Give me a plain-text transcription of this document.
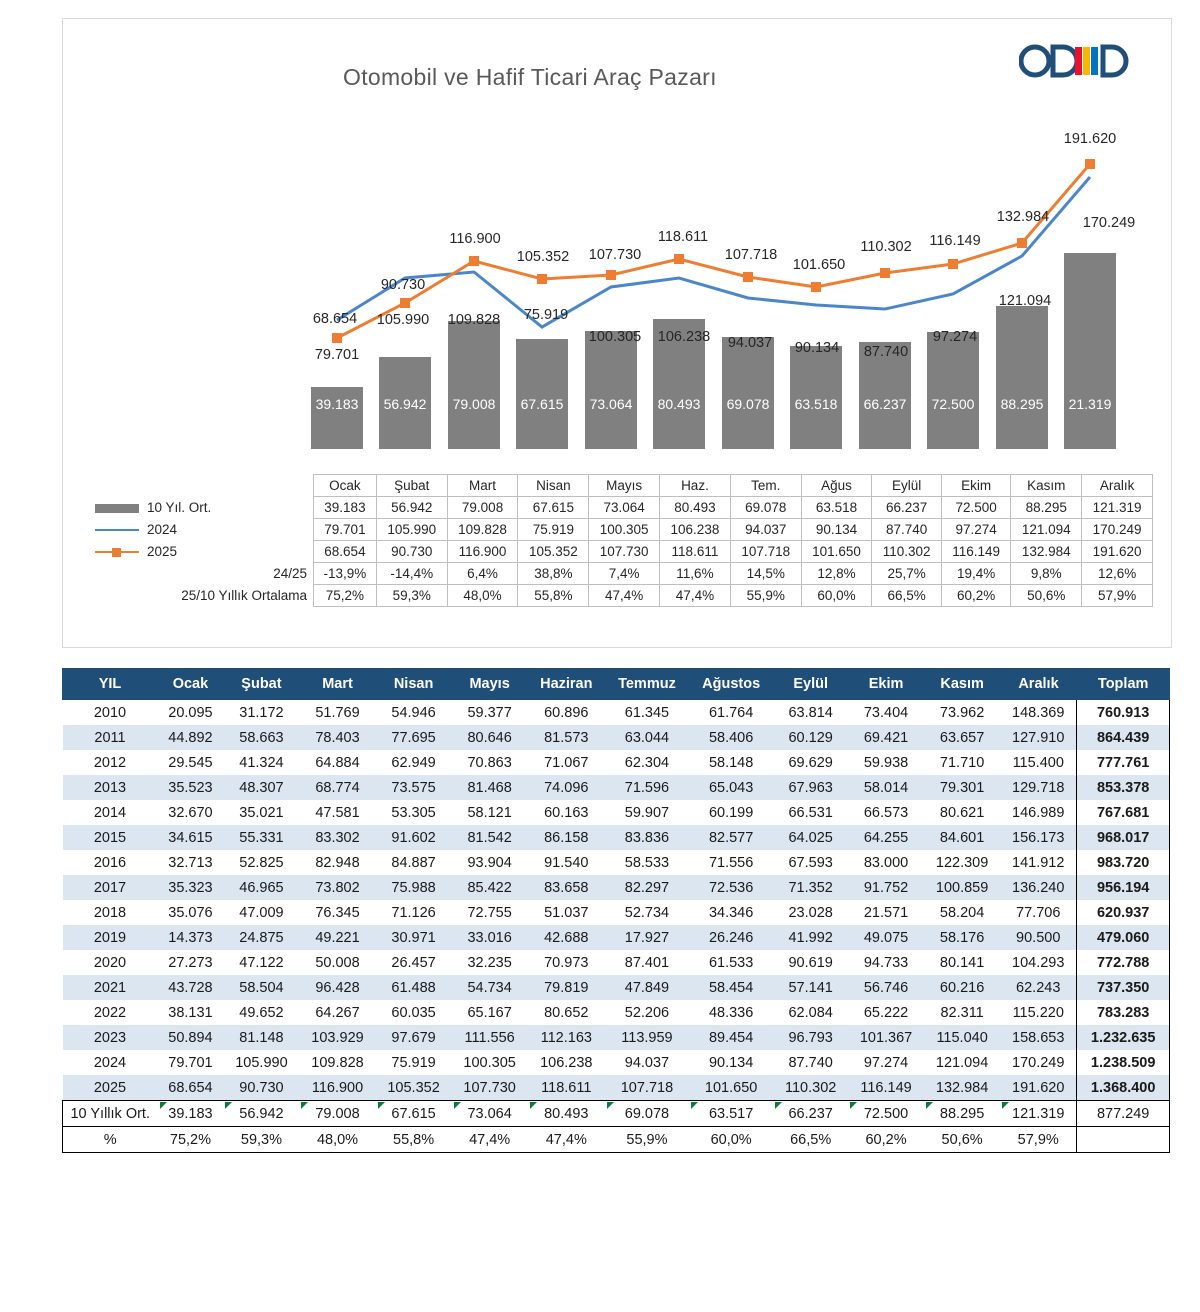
Otomobil ve Hafif Ticari Araç Pazarı
39.183 56.942 79.008 67.615 73.064 80.493 69.078 63.518 66.237 72.500 88.295 21.319
79.701
105.990 109.828 75.919
100.305 106.238 94.037 90.134 87.740
97.274
121.094
170.249
68.654
90.730
116.900
105.352 107.730
118.611
107.718
101.650
110.302 116.149
132.984
191.620
	Ocak	Şubat	Mart	Nisan	Mayıs	Haz.	Tem.	Ağus	Eylül	Ekim	Kasım	Aralık
10 Yıl. Ort.	39.183	56.942	79.008	67.615	73.064	80.493	69.078	63.518	66.237	72.500	88.295	121.319
2024	79.701	105.990	109.828	75.919	100.305	106.238	94.037	90.134	87.740	97.274	121.094	170.249
2025	68.654	90.730	116.900	105.352	107.730	118.611	107.718	101.650	110.302	116.149	132.984	191.620
24/25	-13,9%	-14,4%	6,4%	38,8%	7,4%	11,6%	14,5%	12,8%	25,7%	19,4%	9,8%	12,6%
25/10 Yıllık Ortalama	75,2%	59,3%	48,0%	55,8%	47,4%	47,4%	55,9%	60,0%	66,5%	60,2%	50,6%	57,9%
YIL	Ocak	Şubat	Mart	Nisan	Mayıs	Haziran	Temmuz	Ağustos	Eylül	Ekim	Kasım	Aralık	Toplam
2010	20.095	31.172	51.769	54.946	59.377	60.896	61.345	61.764	63.814	73.404	73.962	148.369	760.913
2011	44.892	58.663	78.403	77.695	80.646	81.573	63.044	58.406	60.129	69.421	63.657	127.910	864.439
2012	29.545	41.324	64.884	62.949	70.863	71.067	62.304	58.148	69.629	59.938	71.710	115.400	777.761
2013	35.523	48.307	68.774	73.575	81.468	74.096	71.596	65.043	67.963	58.014	79.301	129.718	853.378
2014	32.670	35.021	47.581	53.305	58.121	60.163	59.907	60.199	66.531	66.573	80.621	146.989	767.681
2015	34.615	55.331	83.302	91.602	81.542	86.158	83.836	82.577	64.025	64.255	84.601	156.173	968.017
2016	32.713	52.825	82.948	84.887	93.904	91.540	58.533	71.556	67.593	83.000	122.309	141.912	983.720
2017	35.323	46.965	73.802	75.988	85.422	83.658	82.297	72.536	71.352	91.752	100.859	136.240	956.194
2018	35.076	47.009	76.345	71.126	72.755	51.037	52.734	34.346	23.028	21.571	58.204	77.706	620.937
2019	14.373	24.875	49.221	30.971	33.016	42.688	17.927	26.246	41.992	49.075	58.176	90.500	479.060
2020	27.273	47.122	50.008	26.457	32.235	70.973	87.401	61.533	90.619	94.733	80.141	104.293	772.788
2021	43.728	58.504	96.428	61.488	54.734	79.819	47.849	58.454	57.141	56.746	60.216	62.243	737.350
2022	38.131	49.652	64.267	60.035	65.167	80.652	52.206	48.336	62.084	65.222	82.311	115.220	783.283
2023	50.894	81.148	103.929	97.679	111.556	112.163	113.959	89.454	96.793	101.367	115.040	158.653	1.232.635
2024	79.701	105.990	109.828	75.919	100.305	106.238	94.037	90.134	87.740	97.274	121.094	170.249	1.238.509
2025	68.654	90.730	116.900	105.352	107.730	118.611	107.718	101.650	110.302	116.149	132.984	191.620	1.368.400
10 Yıllık Ort.	39.183	56.942	79.008	67.615	73.064	80.493	69.078	63.517	66.237	72.500	88.295	121.319	877.249
%	75,2%	59,3%	48,0%	55,8%	47,4%	47,4%	55,9%	60,0%	66,5%	60,2%	50,6%	57,9%	
